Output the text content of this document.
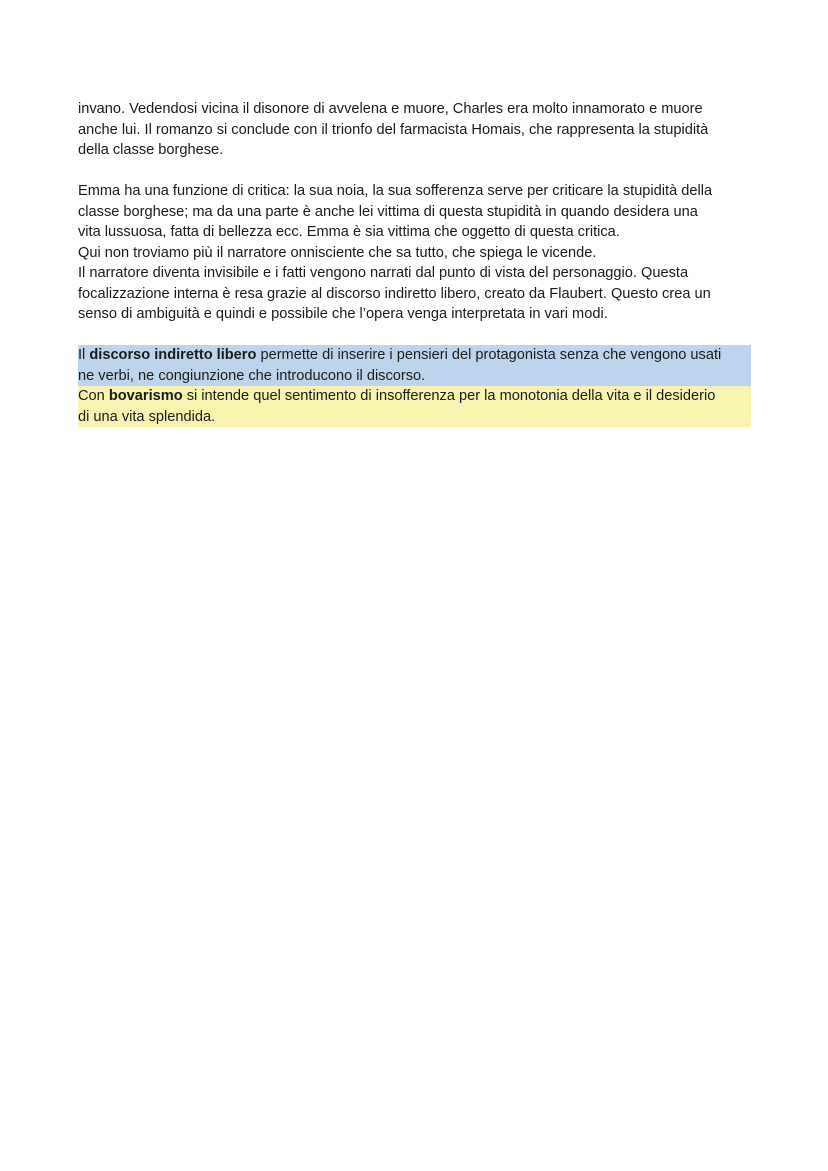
invano. Vedendosi vicina il disonore di avvelena e muore, Charles era molto innamorato e muore
anche lui. Il romanzo si conclude con il trionfo del farmacista Homais, che rappresenta la stupidità
della classe borghese.
Emma ha una funzione di critica: la sua noia, la sua sofferenza serve per criticare la stupidità della
classe borghese; ma da una parte è anche lei vittima di questa stupidità in quando desidera una
vita lussuosa, fatta di bellezza ecc. Emma è sia vittima che oggetto di questa critica.
Qui non troviamo più il narratore onnisciente che sa tutto, che spiega le vicende.
Il narratore diventa invisibile e i fatti vengono narrati dal punto di vista del personaggio. Questa
focalizzazione interna è resa grazie al discorso indiretto libero, creato da Flaubert. Questo crea un
senso di ambiguità e quindi e possibile che l’opera venga interpretata in vari modi.
Il discorso indiretto libero permette di inserire i pensieri del protagonista senza che vengono usati
ne verbi, ne congiunzione che introducono il discorso.
Con bovarismo si intende quel sentimento di insofferenza per la monotonia della vita e il desiderio
di una vita splendida.
